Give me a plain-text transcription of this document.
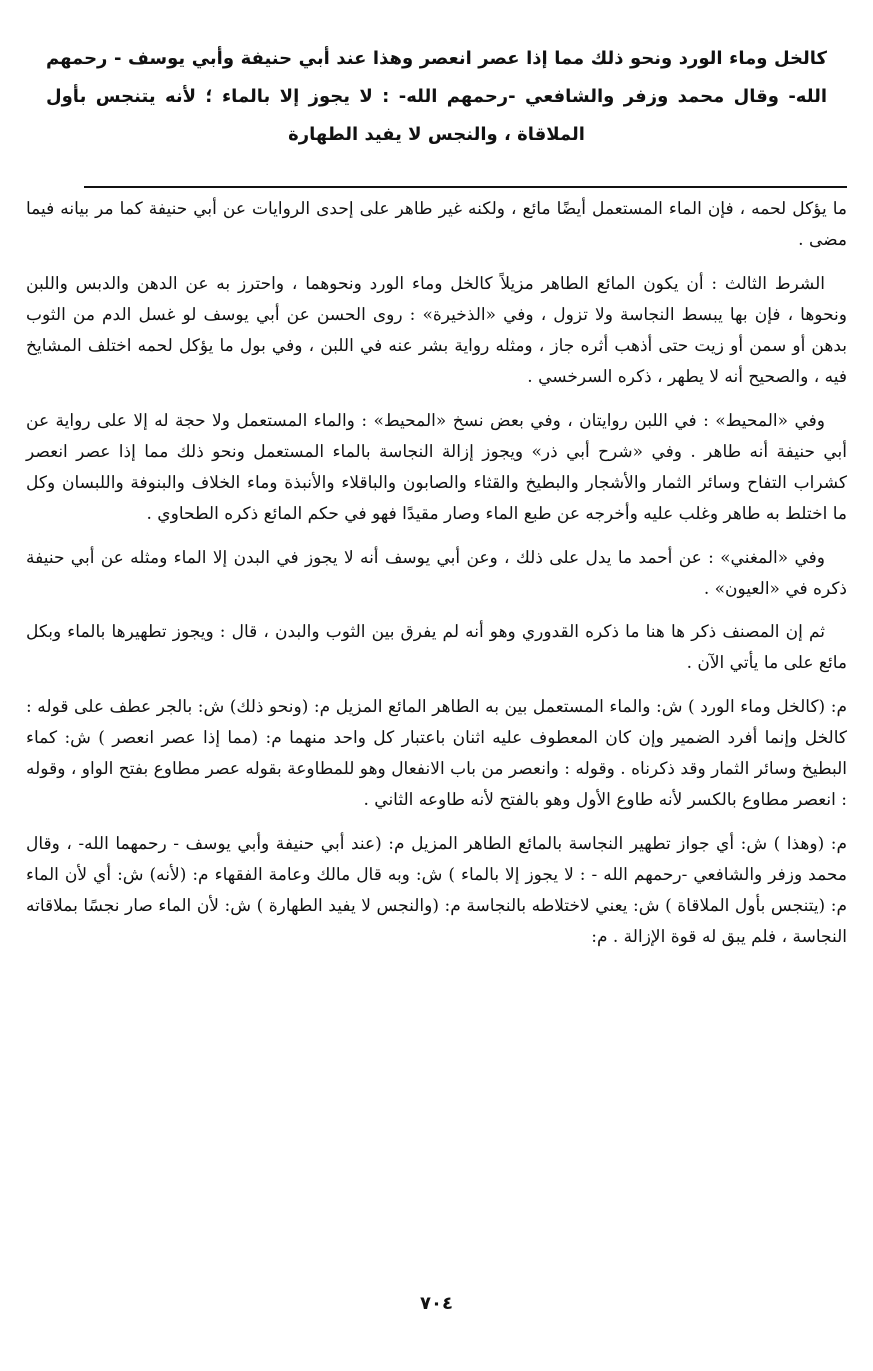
كالخل وماء الورد ونحو ذلك مما إذا عصر انعصر وهذا عند أبي حنيفة وأبي يوسف - رحمهم الله- وقال محمد وزفر والشافعي -رحمهم الله- : لا يجوز إلا بالماء ؛ لأنه يتنجس بأول الملاقاة ، والنجس لا يفيد الطهارة

ما يؤكل لحمه ، فإن الماء المستعمل أيضًا مائع ، ولكنه غير طاهر على إحدى الروايات عن أبي حنيفة كما مر بيانه فيما مضى .

الشرط الثالث : أن يكون المائع الطاهر مزيلاً كالخل وماء الورد ونحوهما ، واحترز به عن الدهن والدبس واللبن ونحوها ، فإن بها يبسط النجاسة ولا تزول ، وفي «الذخيرة» : روى الحسن عن أبي يوسف لو غسل الدم من الثوب بدهن أو سمن أو زيت حتى أذهب أثره جاز ، ومثله رواية بشر عنه في اللبن ، وفي بول ما يؤكل لحمه اختلف المشايخ فيه ، والصحيح أنه لا يطهر ، ذكره السرخسي .

وفي «المحيط» : في اللبن روايتان ، وفي بعض نسخ «المحيط» : والماء المستعمل ولا حجة له إلا على رواية عن أبي حنيفة أنه طاهر . وفي «شرح أبي ذر» ويجوز إزالة النجاسة بالماء المستعمل ونحو ذلك مما إذا عصر انعصر كشراب التفاح وسائر الثمار والأشجار والبطيخ والقثاء والصابون والباقلاء والأنبذة وماء الخلاف والبنوفة واللبسان وكل ما اختلط به طاهر وغلب عليه وأخرجه عن طبع الماء وصار مقيدًا فهو في حكم المائع ذكره الطحاوي .

وفي «المغني» : عن أحمد ما يدل على ذلك ، وعن أبي يوسف أنه لا يجوز في البدن إلا الماء ومثله عن أبي حنيفة ذكره في «العيون» .

ثم إن المصنف ذكر ها هنا ما ذكره القدوري وهو أنه لم يفرق بين الثوب والبدن ، قال : ويجوز تطهيرها بالماء وبكل مائع على ما يأتي الآن .

م: (كالخل وماء الورد ) ش: والماء المستعمل بين به الطاهر المائع المزيل م: (ونحو ذلك) ش: بالجر عطف على قوله : كالخل وإنما أفرد الضمير وإن كان المعطوف عليه اثنان باعتبار كل واحد منهما م: (مما إذا عصر انعصر ) ش: كماء البطيخ وسائر الثمار وقد ذكرناه . وقوله : وانعصر من باب الانفعال وهو للمطاوعة بقوله عصر مطاوع بفتح الواو ، وقوله : انعصر مطاوع بالكسر لأنه طاوع الأول وهو بالفتح لأنه طاوعه الثاني .

م: (وهذا ) ش: أي جواز تطهير النجاسة بالمائع الطاهر المزيل م: (عند أبي حنيفة وأبي يوسف - رحمهما الله- ، وقال محمد وزفر والشافعي -رحمهم الله - : لا يجوز إلا بالماء ) ش: وبه قال مالك وعامة الفقهاء م: (لأنه) ش: أي لأن الماء م: (يتنجس بأول الملاقاة ) ش: يعني لاختلاطه بالنجاسة م: (والنجس لا يفيد الطهارة ) ش: لأن الماء صار نجسًا بملاقاته النجاسة ، فلم يبق له قوة الإزالة . م:

٧٠٤
